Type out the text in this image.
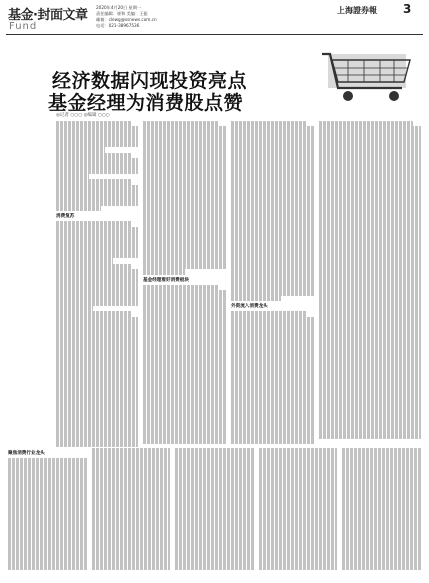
基金·封面文章
Fund
2020年4月20日 星期一
责任编辑：崔和 美编：王振
邮箱：clewg@ssnews.com.cn
电话：021-38967536
上海證券報 3
经济数据闪现投资亮点
基金经理为消费股点赞
◎记者 ○○○ ◎编辑 ○○○
消费复苏
基金经理看好消费板块
外资流入消费龙头
聚焦消费行业龙头
